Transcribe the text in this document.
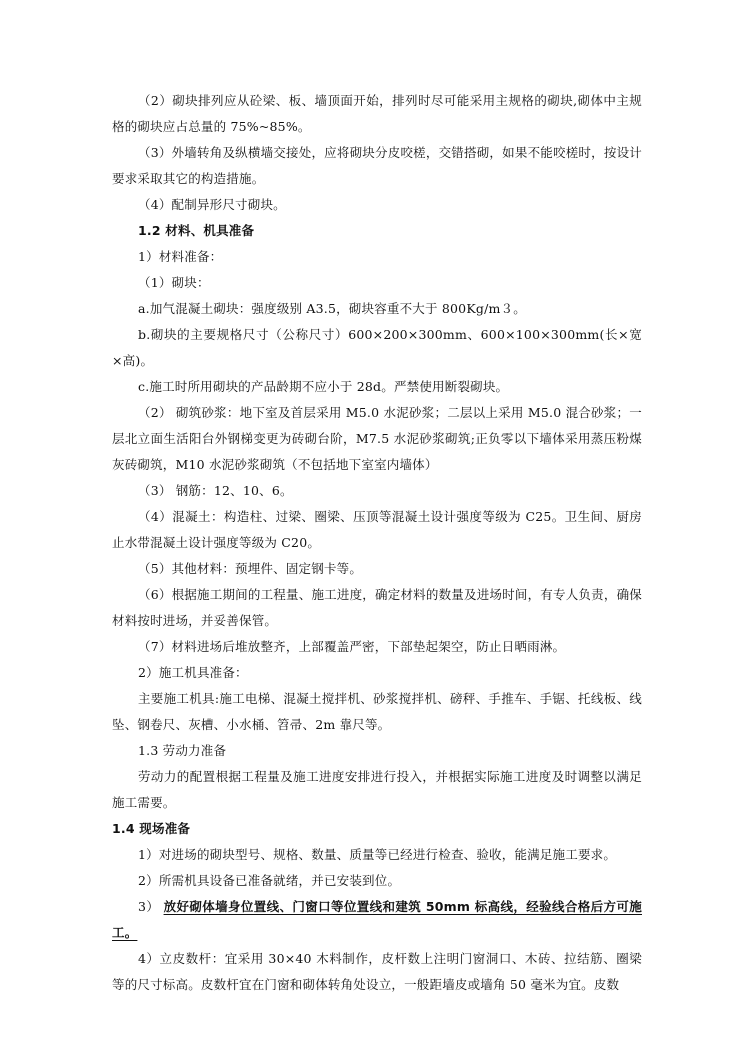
（2）砌块排列应从砼梁、板、墙顶面开始，排列时尽可能采用主规格的砌块,砌体中主规格的砌块应占总量的 75%~85%。

（3）外墙转角及纵横墙交接处，应将砌块分皮咬槎，交错搭砌，如果不能咬槎时，按设计要求采取其它的构造措施。

（4）配制异形尺寸砌块。

1.2 材料、机具准备

1）材料准备：

（1）砌块：

a.加气混凝土砌块：强度级别 A3.5，砌块容重不大于 800Kg/m３。

b.砌块的主要规格尺寸（公称尺寸）600×200×300mm、600×100×300mm(长×宽×高)。

c.施工时所用砌块的产品龄期不应小于 28d。严禁使用断裂砌块。

（2） 砌筑砂浆：地下室及首层采用 M5.0 水泥砂浆；二层以上采用 M5.0 混合砂浆；一层北立面生活阳台外钢梯变更为砖砌台阶，M7.5 水泥砂浆砌筑;正负零以下墙体采用蒸压粉煤灰砖砌筑，M10 水泥砂浆砌筑（不包括地下室室内墙体）

（3） 钢筋：12、10、6。

（4）混凝土：构造柱、过梁、圈梁、压顶等混凝土设计强度等级为 C25。卫生间、厨房止水带混凝土设计强度等级为 C20。

（5）其他材料：预埋件、固定钢卡等。

（6）根据施工期间的工程量、施工进度，确定材料的数量及进场时间，有专人负责，确保材料按时进场，并妥善保管。

（7）材料进场后堆放整齐，上部覆盖严密，下部垫起架空，防止日晒雨淋。

2）施工机具准备：

主要施工机具:施工电梯、混凝土搅拌机、砂浆搅拌机、磅秤、手推车、手锯、托线板、线坠、钢卷尺、灰槽、小水桶、笤帚、2m 靠尺等。

1.3 劳动力准备

劳动力的配置根据工程量及施工进度安排进行投入，并根据实际施工进度及时调整以满足施工需要。

1.4 现场准备

1）对进场的砌块型号、规格、数量、质量等已经进行检查、验收，能满足施工要求。

2）所需机具设备已准备就绪，并已安装到位。

3） 放好砌体墙身位置线、门窗口等位置线和建筑 50mm 标高线，经验线合格后方可施工。

4）立皮数杆：宜采用 30×40 木料制作，皮杆数上注明门窗洞口、木砖、拉结筋、圈梁等的尺寸标高。皮数杆宜在门窗和砌体转角处设立，一般距墙皮或墙角 50 毫米为宜。皮数
